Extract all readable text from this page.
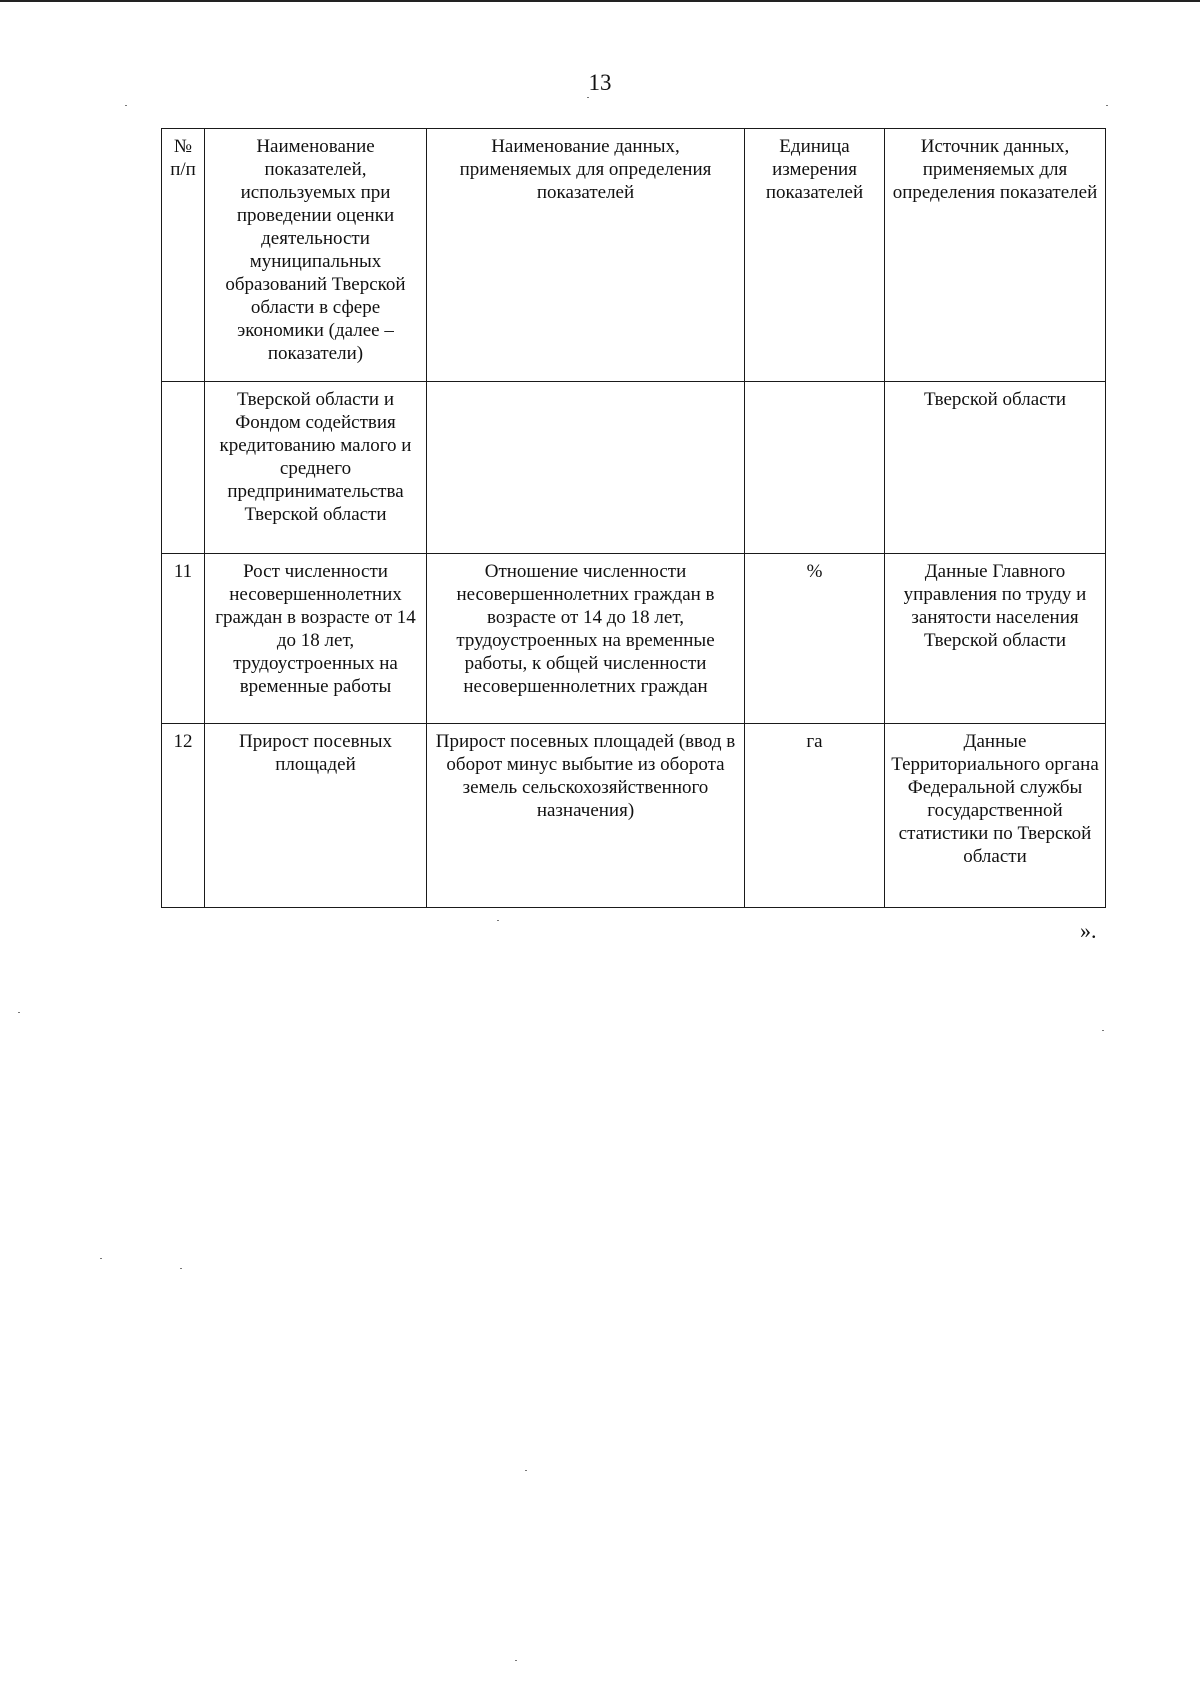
13
№
п/п	Наименование показателей, используемых при проведении оценки деятельности муниципальных образований Тверской области в сфере экономики (далее – показатели)	Наименование данных, применяемых для определения показателей	Единица измерения показателей	Источник данных, применяемых для определения показателей
	Тверской области и Фондом содействия кредитованию малого и среднего предпринимательства Тверской области			Тверской области
11	Рост численности несовершеннолетних граждан в возрасте от 14 до 18 лет, трудоустроенных на временные работы	Отношение численности несовершеннолетних граждан в возрасте от 14 до 18 лет, трудоустроенных на временные работы, к общей численности несовершеннолетних граждан	%	Данные Главного управления по труду и занятости населения Тверской области
12	Прирост посевных площадей	Прирост посевных площадей (ввод в оборот минус выбытие из оборота земель сельскохозяйственного назначения)	га	Данные Территориального органа Федеральной службы государственной статистики по Тверской области
».
